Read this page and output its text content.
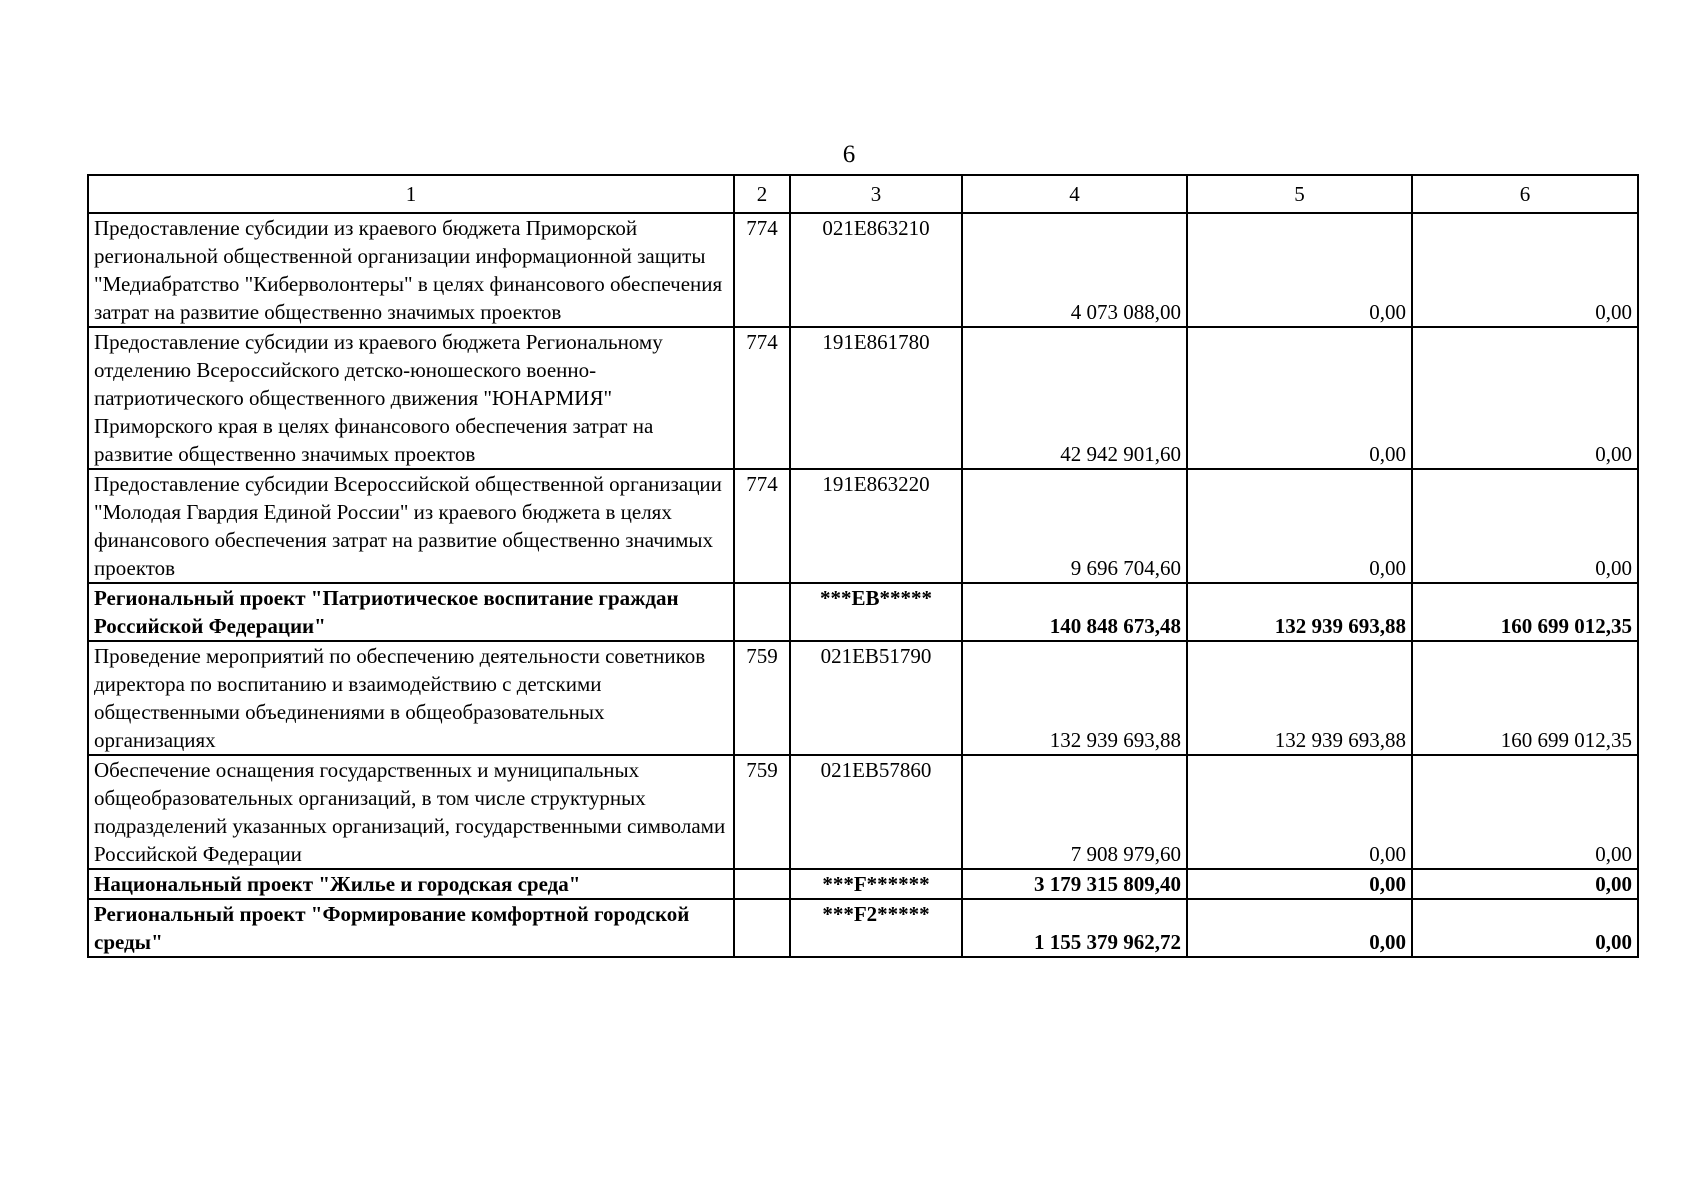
6
1	2	3	4	5	6
Предоставление субсидии из краевого бюджета Приморской региональной общественной организации информационной защиты "Медиабратство "Киберволонтеры" в целях финансового обеспечения затрат на развитие общественно значимых проектов	774	021E863210	4 073 088,00	0,00	0,00
Предоставление субсидии из краевого бюджета Региональному отделению Всероссийского детско-юношеского военно-патриотического общественного движения "ЮНАРМИЯ" Приморского края в целях финансового обеспечения затрат на развитие общественно значимых проектов	774	191E861780	42 942 901,60	0,00	0,00
Предоставление субсидии Всероссийской общественной организации "Молодая Гвардия Единой России" из краевого бюджета в целях финансового обеспечения затрат на развитие общественно значимых проектов	774	191E863220	9 696 704,60	0,00	0,00
Региональный проект "Патриотическое воспитание граждан Российской Федерации"		***EB*****	140 848 673,48	132 939 693,88	160 699 012,35
Проведение мероприятий по обеспечению деятельности советников директора по воспитанию и взаимодействию с детскими общественными объединениями в общеобразовательных организациях	759	021EB51790	132 939 693,88	132 939 693,88	160 699 012,35
Обеспечение оснащения государственных и муниципальных общеобразовательных организаций, в том числе структурных подразделений указанных организаций, государственными символами Российской Федерации	759	021EB57860	7 908 979,60	0,00	0,00
Национальный проект "Жилье и городская среда"		***F******	3 179 315 809,40	0,00	0,00
Региональный проект "Формирование комфортной городской среды"		***F2*****	1 155 379 962,72	0,00	0,00
